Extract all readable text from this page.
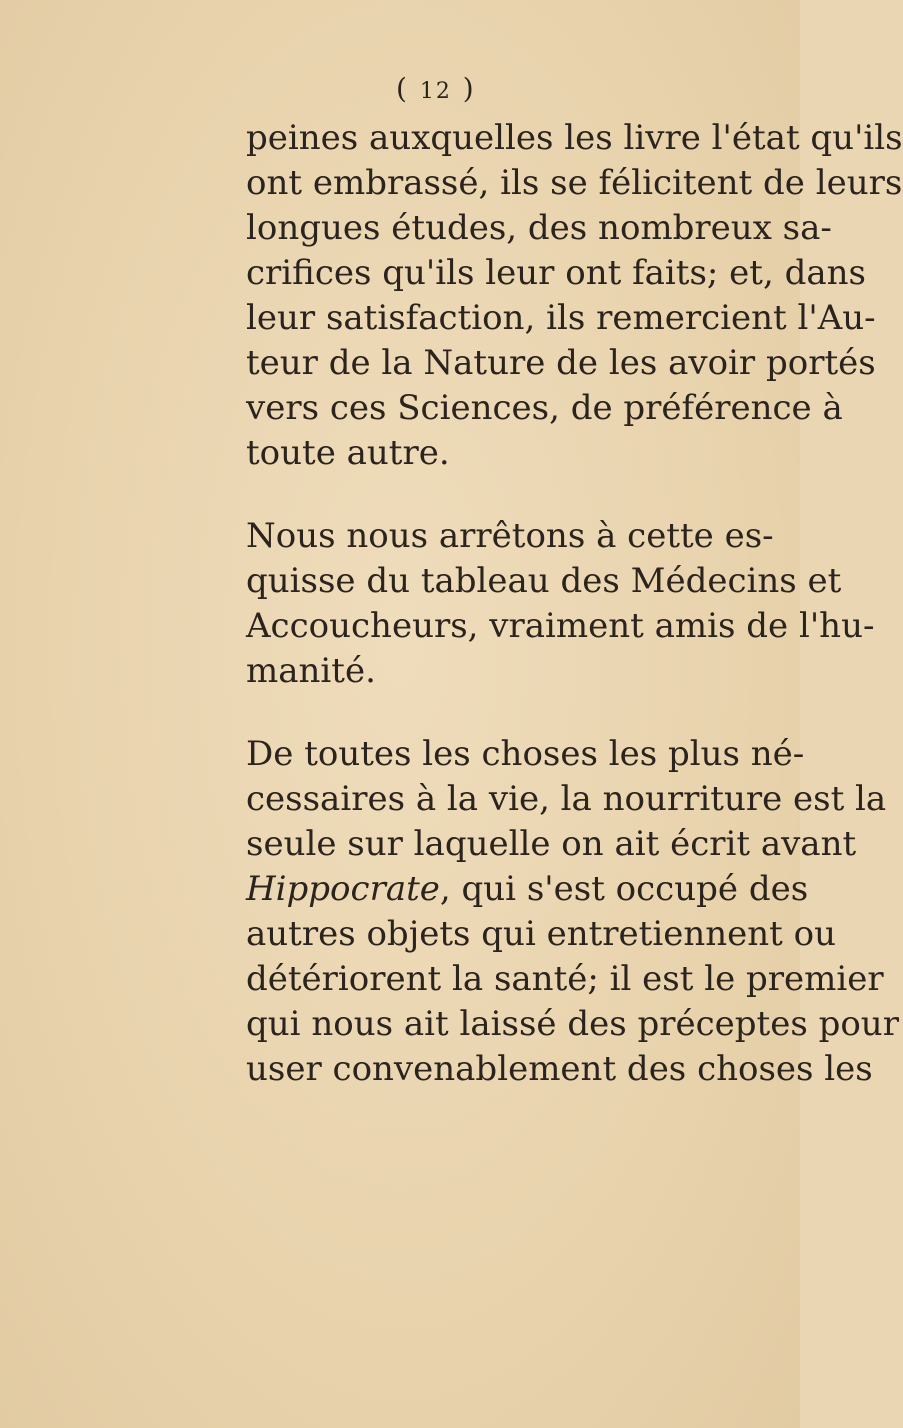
( 12 )

peines auxquelles les livre l'état qu'ils
ont embrassé, ils se félicitent de leurs
longues études, des nombreux sa-
crifices qu'ils leur ont faits; et, dans
leur satisfaction, ils remercient l'Au-
teur de la Nature de les avoir portés
vers ces Sciences, de préférence à
toute autre.

Nous nous arrêtons à cette es-
quisse du tableau des Médecins et
Accoucheurs, vraiment amis de l'hu-
manité.

De toutes les choses les plus né-
cessaires à la vie, la nourriture est la
seule sur laquelle on ait écrit avant
Hippocrate, qui s'est occupé des
autres objets qui entretiennent ou
détériorent la santé; il est le premier
qui nous ait laissé des préceptes pour
user convenablement des choses les
